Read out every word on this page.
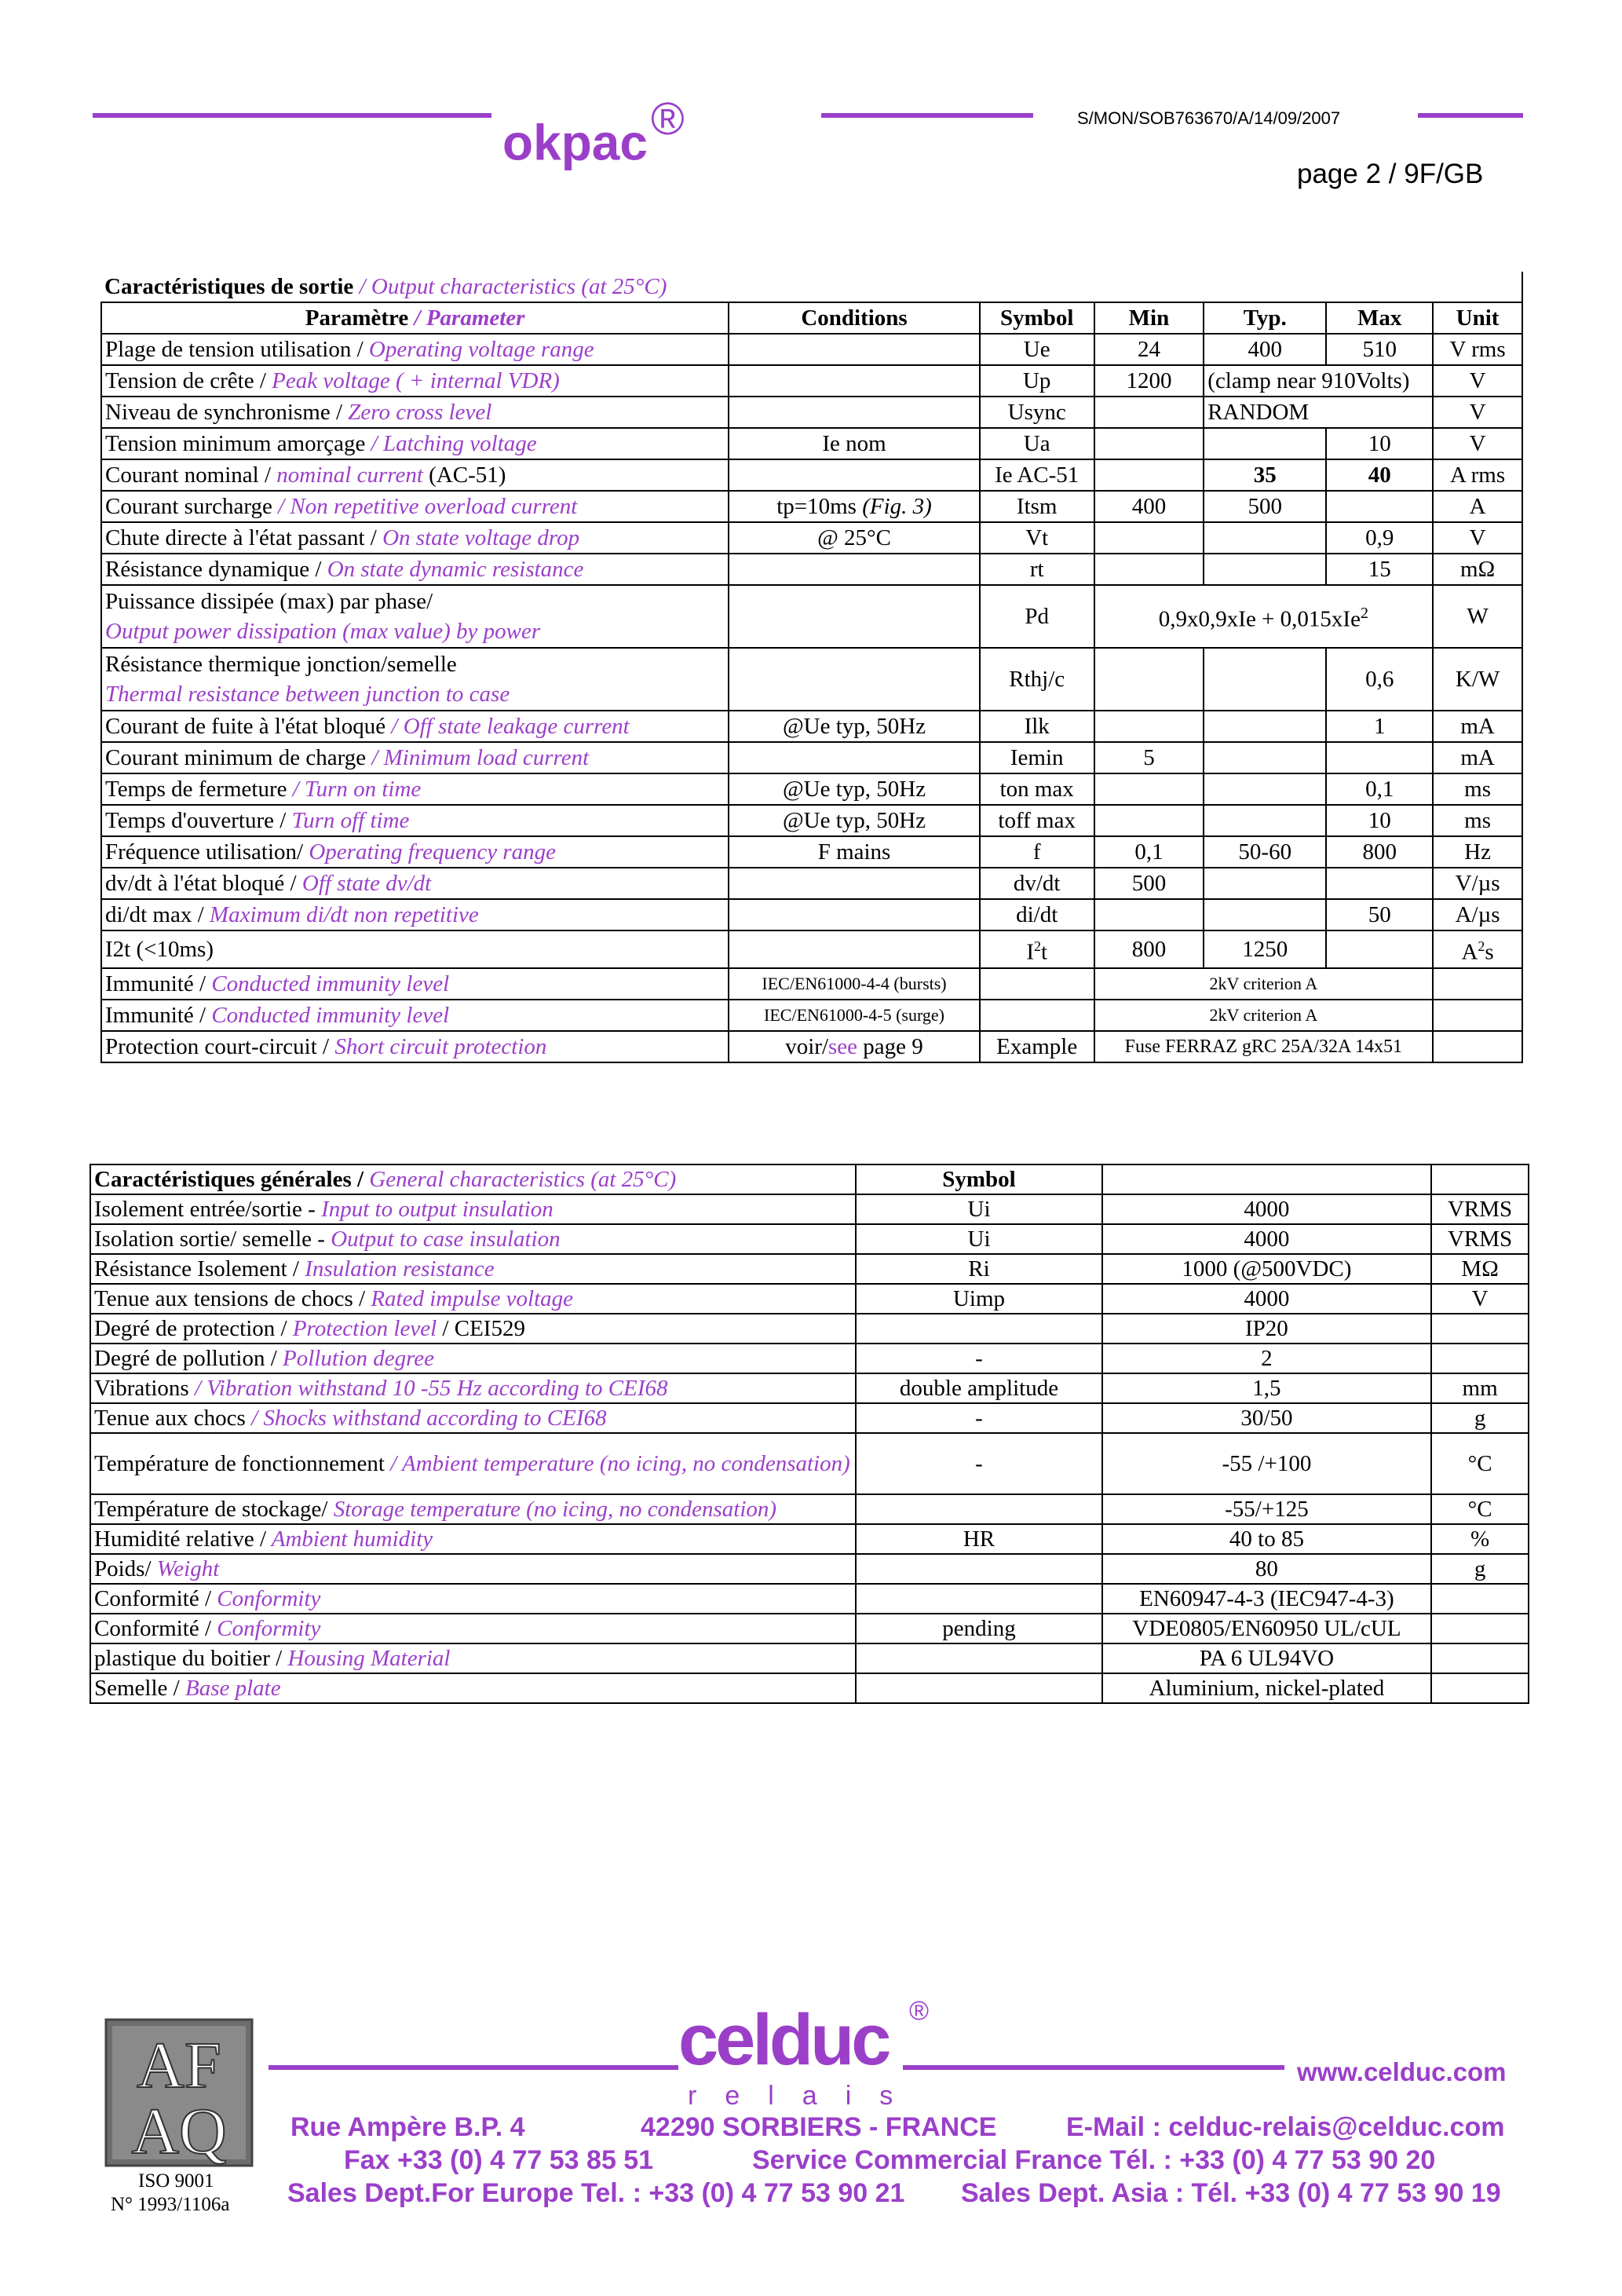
okpac®	S/MON/SOB763670/A/14/09/2007
page 2 / 9F/GB
Caractéristiques de sortie / Output characteristics (at 25°C)						
Paramètre / Parameter	Conditions	Symbol	Min	Typ.	Max	Unit
Plage de tension utilisation / Operating voltage range		Ue	24	400	510	V rms
Tension de crête / Peak voltage ( + internal VDR)		Up	1200	(clamp near 910Volts)		V
Niveau de synchronisme / Zero cross level		Usync		RANDOM		V
Tension minimum amorçage / Latching voltage	Ie nom	Ua			10	V
Courant nominal / nominal current (AC-51)		Ie AC-51		35	40	A rms
Courant surcharge / Non repetitive overload current	tp=10ms (Fig. 3)	Itsm	400	500		A
Chute directe à l'état passant / On state voltage drop	@ 25°C	Vt			0,9	V
Résistance dynamique / On state dynamic resistance		rt			15	mΩ
Puissance dissipée (max) par phase/
Output power dissipation (max value) by power		Pd	0,9x0,9xIe + 0,015xIe$^2$			W
Résistance thermique jonction/semelle
Thermal resistance between junction to case		Rthj/c			0,6	K/W
Courant de fuite à l'état bloqué / Off state leakage current	@Ue typ, 50Hz	Ilk			1	mA
Courant minimum de charge / Minimum load current		Iemin	5			mA
Temps de fermeture / Turn on time	@Ue typ, 50Hz	ton max			0,1	ms
Temps d'ouverture / Turn off time	@Ue typ, 50Hz	toff max			10	ms
Fréquence utilisation/ Operating frequency range	F mains	f	0,1	50-60	800	Hz
dv/dt à l'état bloqué / Off state dv/dt		dv/dt	500			V/µs
di/dt max / Maximum di/dt non repetitive		di/dt			50	A/µs
I2t (<10ms)		$I^2t$	800	1250		$A^2s$
Immunité / Conducted immunity level	IEC/EN61000-4-4 (bursts)		2kV criterion A			
Immunité / Conducted immunity level	IEC/EN61000-4-5 (surge)		2kV criterion A			
Protection court-circuit / Short circuit protection	voir/see page 9	Example	Fuse FERRAZ gRC 25A/32A 14x51			
Caractéristiques générales / General characteristics (at 25°C)	Symbol		
Isolement entrée/sortie - Input to output insulation	Ui	4000	VRMS
Isolation sortie/ semelle - Output to case insulation	Ui	4000	VRMS
Résistance Isolement / Insulation resistance	Ri	1000 (@500VDC)	MΩ
Tenue aux tensions de chocs / Rated impulse voltage	Uimp	4000	V
Degré de protection / Protection level / CEI529		IP20	
Degré de pollution / Pollution degree	-	2	
Vibrations / Vibration withstand 10 -55 Hz according to CEI68	double amplitude	1,5	mm
Tenue aux chocs / Shocks withstand according to CEI68	-	30/50	g
Température de fonctionnement / Ambient temperature (no icing, no condensation)	-	-55 /+100	°C
Température de stockage/ Storage temperature (no icing, no condensation)		-55/+125	°C
Humidité relative / Ambient humidity	HR	40 to 85	%
Poids/ Weight		80	g
Conformité / Conformity		EN60947-4-3 (IEC947-4-3)	
Conformité / Conformity	pending	VDE0805/EN60950 UL/cUL	
plastique du boitier / Housing Material		PA 6 UL94VO	
Semelle / Base plate		Aluminium, nickel-plated	
AF
AQ
ISO 9001
N° 1993/1106a
celduc ®
relais
www.celduc.com
Rue Ampère B.P. 4	42290 SORBIERS - FRANCE	E-Mail : celduc-relais@celduc.com
Fax +33 (0) 4 77 53 85 51	Service Commercial France Tél. : +33 (0) 4 77 53 90 20
Sales Dept.For Europe Tel. : +33 (0) 4 77 53 90 21 Sales Dept. Asia : Tél. +33 (0) 4 77 53 90 19
